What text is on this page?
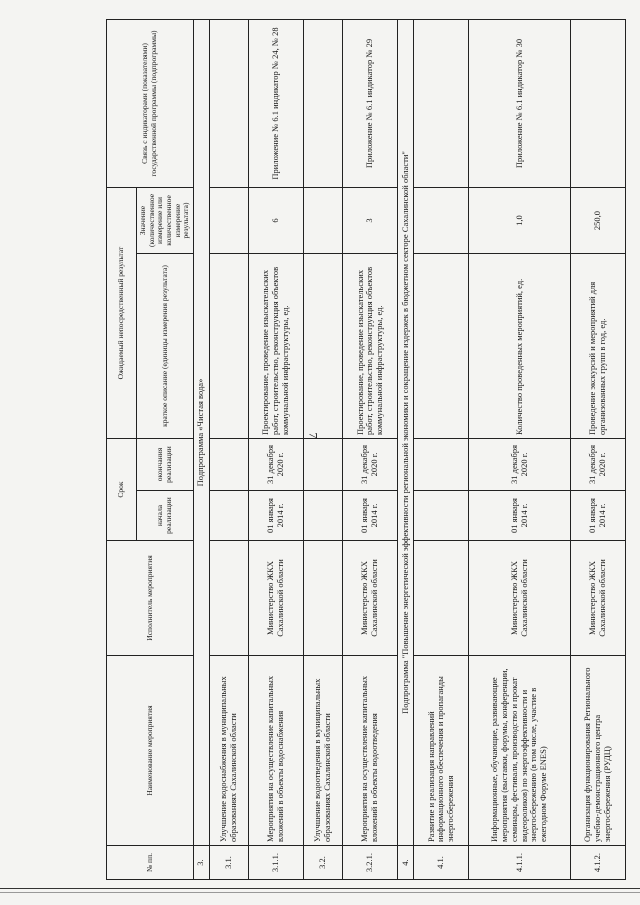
7
№ пп.	Наименование мероприятия	Исполнитель мероприятия	Срок		Ожидаемый непосредственный результат		Связь с индикаторами (показателями) государственной программы (подпрограммы)
			начала реализации	окончания реализации	краткое описание (единицы измерения результата)	Значение (количественное измерение или количественное измерение результата)	
3.	Подпрограмма «Чистая вода»						
3.1.	Улучшение водоснабжения в муниципальных образованиях Сахалинской области						
3.1.1.	Мероприятия на осуществление капитальных вложений в объекты водоснабжения	Министерство ЖКХ Сахалинской области	01 января 2014 г.	31 декабря 2020 г.	Проектирование, проведение изыскательских работ, строительство, реконструкция объектов коммунальной инфраструктуры, ед.	6	Приложение № 6.1 индикатор № 24, № 28
3.2.	Улучшение водоотведения в муниципальных образованиях Сахалинской области						
3.2.1.	Мероприятия на осуществление капитальных вложений в объекты водоотведения	Министерство ЖКХ Сахалинской области	01 января 2014 г.	31 декабря 2020 г.	Проектирование, проведение изыскательских работ, строительство, реконструкция объектов коммунальной инфраструктуры, ед.	3	Приложение № 6.1 индикатор № 29
4.	Подпрограмма "Повышение энергетической эффективности региональной экономики и сокращение издержек в бюджетном секторе Сахалинской области"						
4.1.	Развитие и реализация направлений информационного обеспечения и пропаганды энергосбережения						
4.1.1.	Информационные, обучающие, развивающие мероприятия (выставки, форумы, конференции, семинары, фестивали, производство и прокат видеороликов) по энергоэффективности и энергосбережению (в том числе, участие в ежегодном Форуме ENES)	Министерство ЖКХ Сахалинской области	01 января 2014 г.	31 декабря 2020 г.	Количество проведенных мероприятий, ед.	1,0	Приложение № 6.1 индикатор № 30
4.1.2.	Организация функционирования Регионального учебно-демонстрационного центра энергосбережения (РУДЦ)	Министерство ЖКХ Сахалинской области	01 января 2014 г.	31 декабря 2020 г.	Проведение экскурсий и мероприятий для организованных групп в год, ед.	250,0	
